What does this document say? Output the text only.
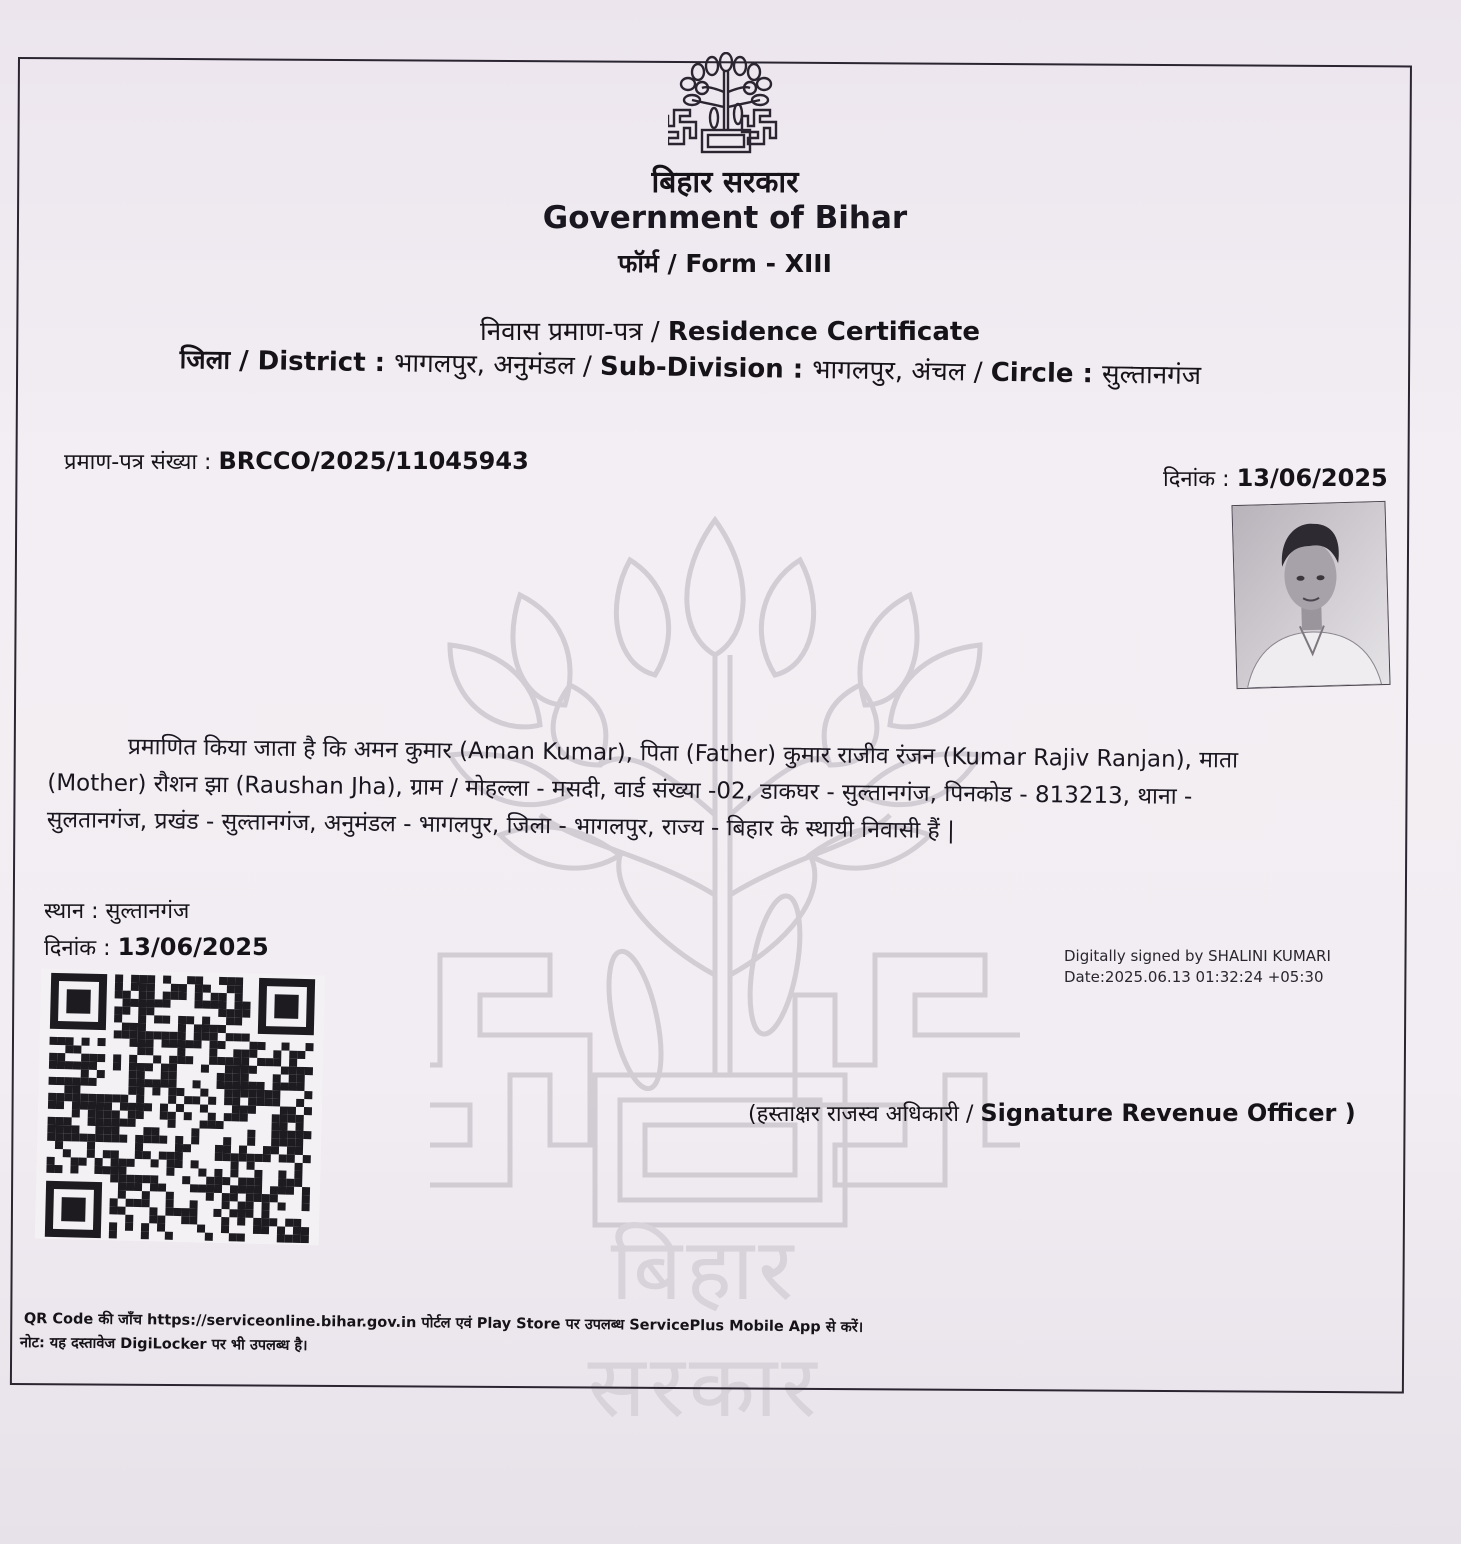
बिहार सरकार
बिहार सरकार
Government of Bihar
फॉर्म / Form - XIII
निवास प्रमाण-पत्र / Residence Certificate
जिला / District : भागलपुर, अनुमंडल / Sub-Division : भागलपुर, अंचल / Circle : सुल्तानगंज
प्रमाण-पत्र संख्या : BRCCO/2025/11045943
दिनांक : 13/06/2025
प्रमाणित किया जाता है कि अमन कुमार (Aman Kumar), पिता (Father) कुमार राजीव रंजन (Kumar Rajiv Ranjan), माता
(Mother) रौशन झा (Raushan Jha), ग्राम / मोहल्ला - मसदी, वार्ड संख्या -02, डाकघर - सुल्तानगंज, पिनकोड - 813213, थाना -
सुलतानगंज, प्रखंड - सुल्तानगंज, अनुमंडल - भागलपुर, जिला - भागलपुर, राज्य - बिहार के स्थायी निवासी हैं |
स्थान : सुल्तानगंज
दिनांक : 13/06/2025	Digitally signed by SHALINI KUMARI
Date:2025.06.13 01:32:24 +05:30
(हस्ताक्षर राजस्व अधिकारी / Signature Revenue Officer )
QR Code की जाँच https://serviceonline.bihar.gov.in पोर्टल एवं Play Store पर उपलब्ध ServicePlus Mobile App से करें।
नोट: यह दस्तावेज DigiLocker पर भी उपलब्ध है।
